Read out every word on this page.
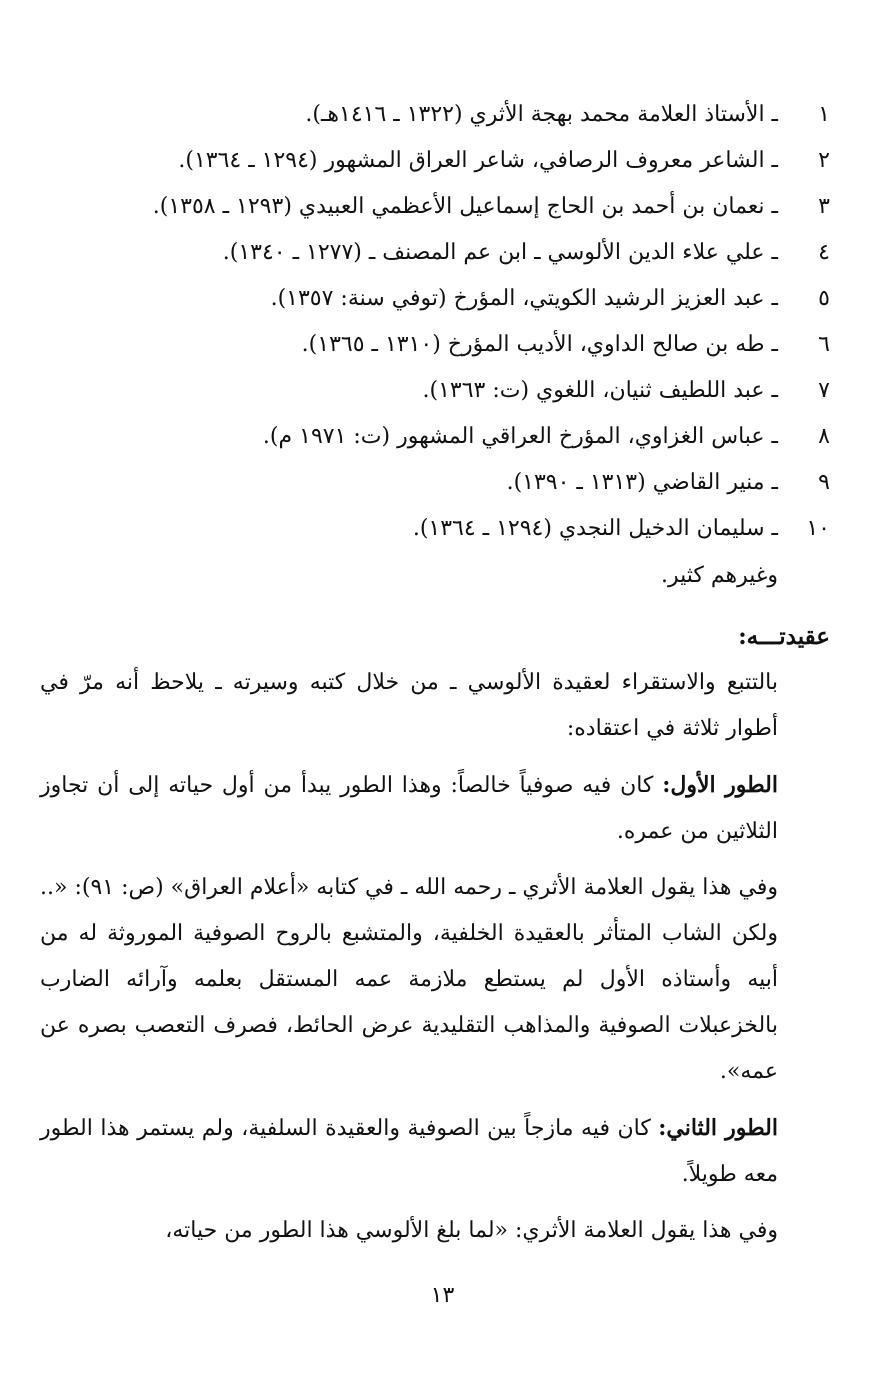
١
ـ الأستاذ العلامة محمد بهجة الأثري (١٣٢٢ ـ ١٤١٦هـ).
٢
ـ الشاعر معروف الرصافي، شاعر العراق المشهور (١٢٩٤ ـ ١٣٦٤).
٣
ـ نعمان بن أحمد بن الحاج إسماعيل الأعظمي العبيدي (١٢٩٣ ـ ١٣٥٨).
٤
ـ علي علاء الدين الألوسي ـ ابن عم المصنف ـ (١٢٧٧ ـ ١٣٤٠).
٥
ـ عبد العزيز الرشيد الكويتي، المؤرخ (توفي سنة: ١٣٥٧).
٦
ـ طه بن صالح الداوي، الأديب المؤرخ (١٣١٠ ـ ١٣٦٥).
٧
ـ عبد اللطيف ثنيان، اللغوي (ت: ١٣٦٣).
٨
ـ عباس الغزاوي، المؤرخ العراقي المشهور (ت: ١٩٧١ م).
٩
ـ منير القاضي (١٣١٣ ـ ١٣٩٠).
١٠
ـ سليمان الدخيل النجدي (١٢٩٤ ـ ١٣٦٤).
وغيرهم كثير.
عقيدتـــه:

بالتتبع والاستقراء لعقيدة الألوسي ـ من خلال كتبه وسيرته ـ يلاحظ أنه مرّ في أطوار ثلاثة في اعتقاده:

الطور الأول: كان فيه صوفياً خالصاً: وهذا الطور يبدأ من أول حياته إلى أن تجاوز الثلاثين من عمره.

وفي هذا يقول العلامة الأثري ـ رحمه الله ـ في كتابه «أعلام العراق» (ص: ٩١): «.. ولكن الشاب المتأثر بالعقيدة الخلفية، والمتشبع بالروح الصوفية الموروثة له من أبيه وأستاذه الأول لم يستطع ملازمة عمه المستقل بعلمه وآرائه الضارب بالخزعبلات الصوفية والمذاهب التقليدية عرض الحائط، فصرف التعصب بصره عن عمه».

الطور الثاني: كان فيه مازجاً بين الصوفية والعقيدة السلفية، ولم يستمر هذا الطور معه طويلاً.

وفي هذا يقول العلامة الأثري: «لما بلغ الألوسي هذا الطور من حياته،

١٣
